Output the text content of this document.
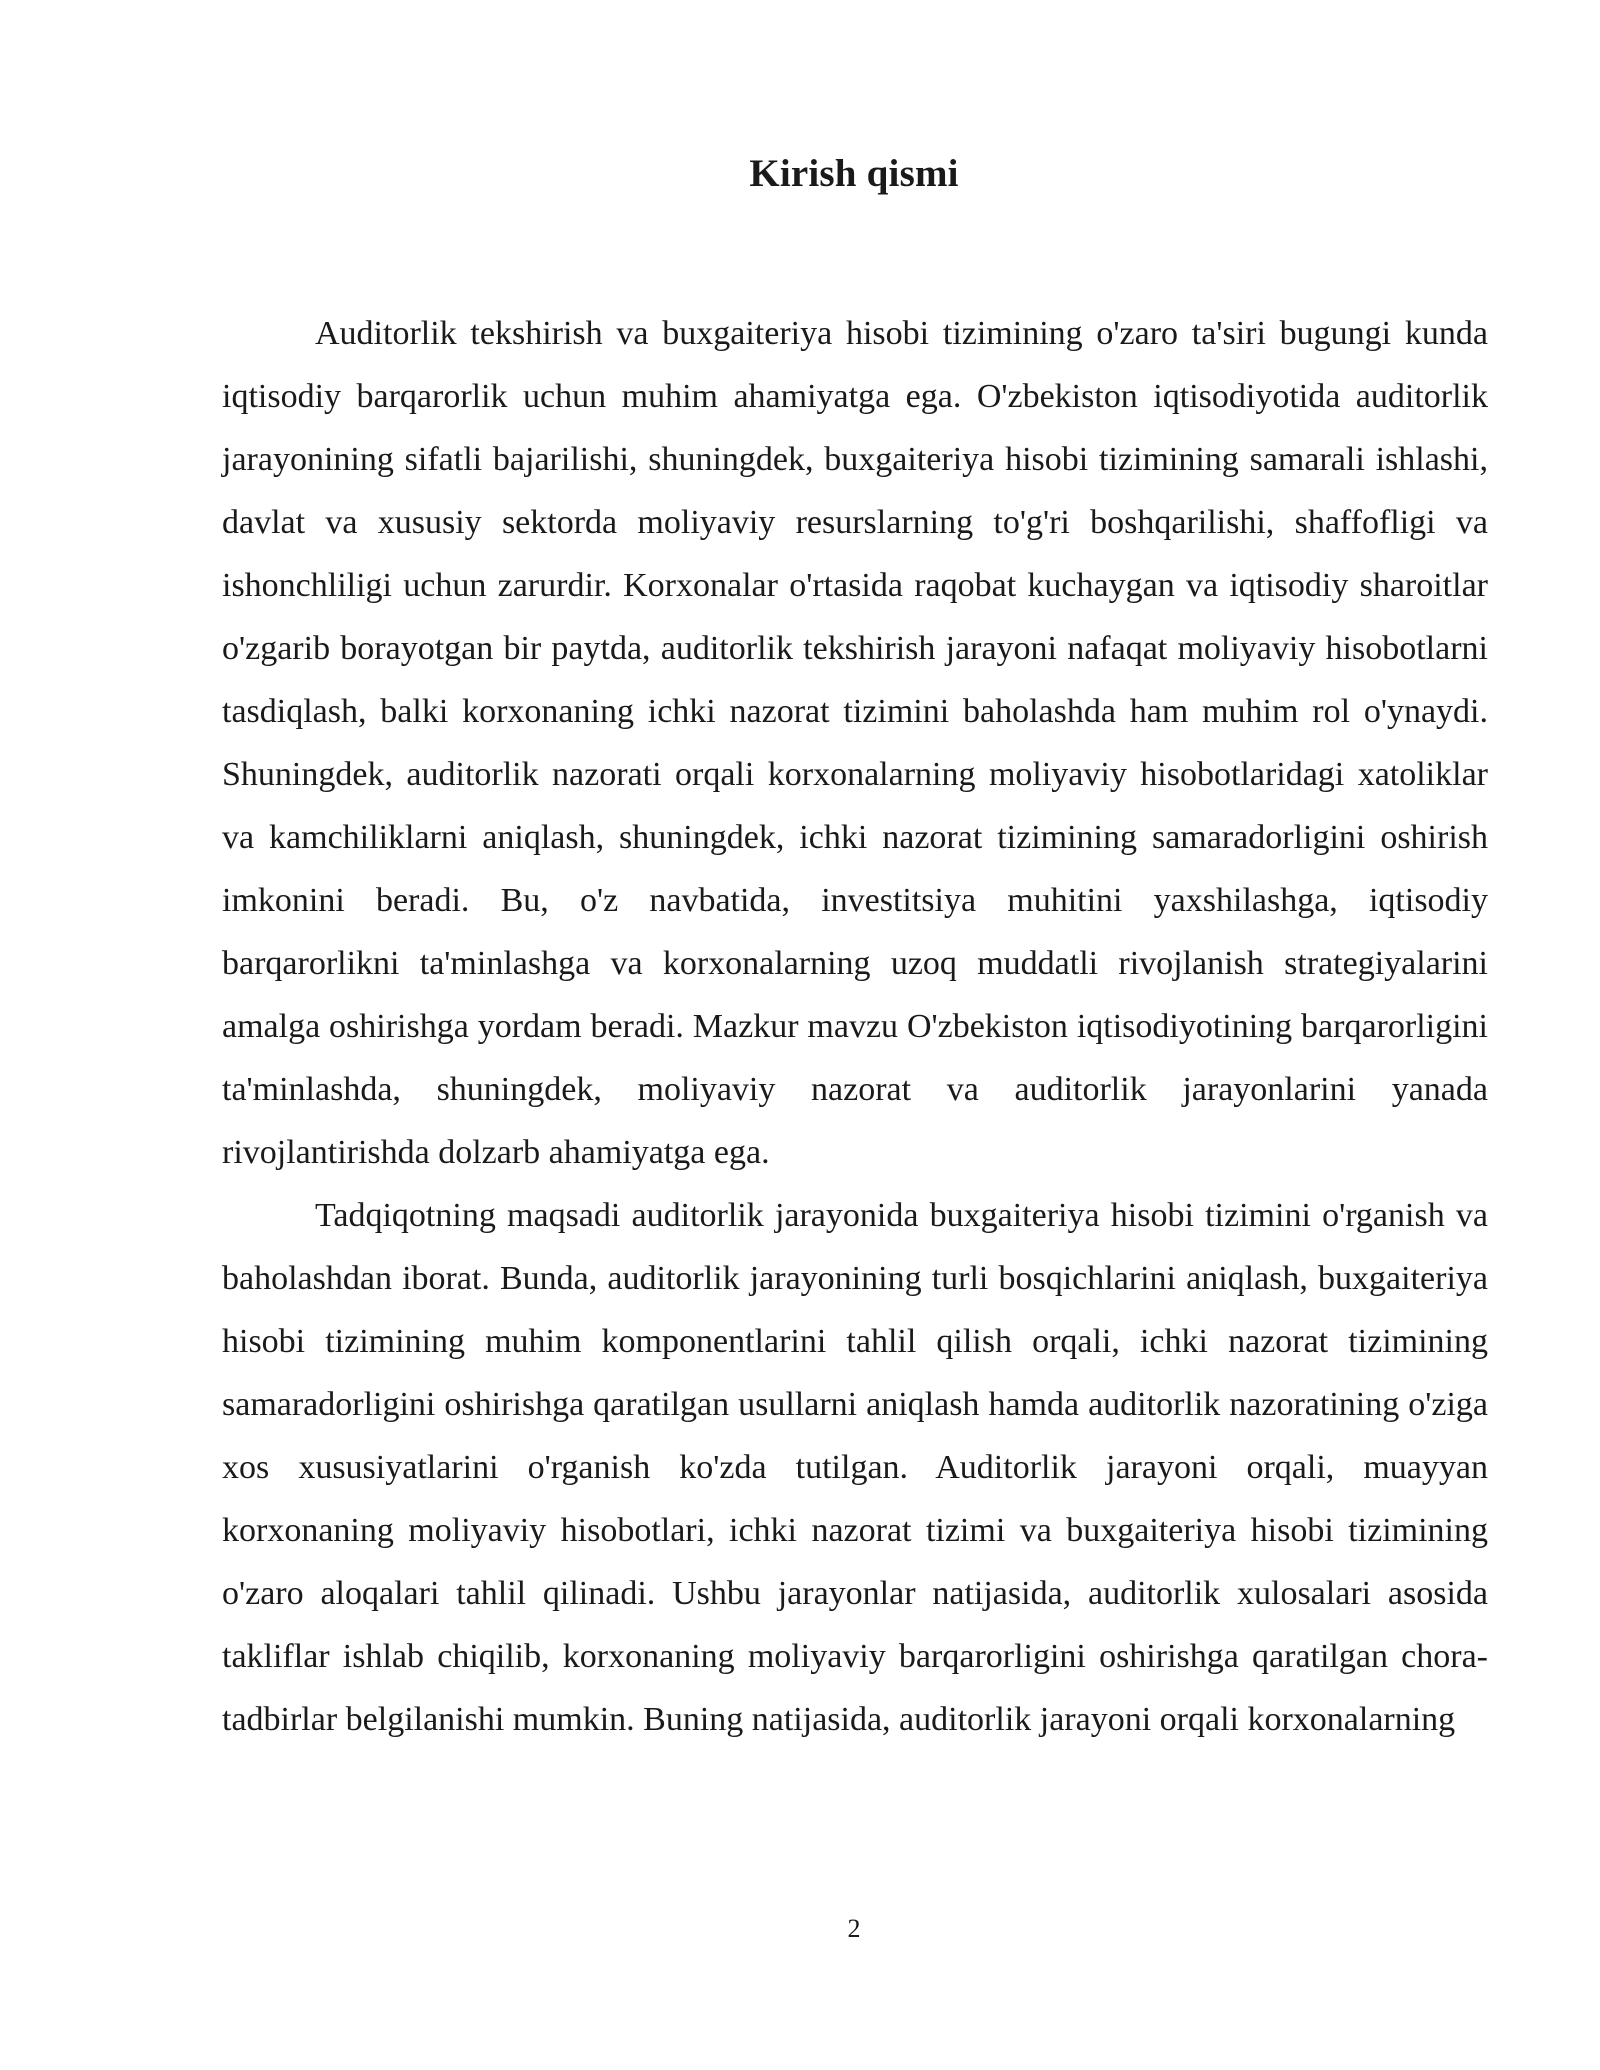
Kirish qismi

Auditorlik tekshirish va buxgaiteriya hisobi tizimining o'zaro ta'siri bugungi kunda iqtisodiy barqarorlik uchun muhim ahamiyatga ega. O'zbekiston iqtisodiyotida auditorlik jarayonining sifatli bajarilishi, shuningdek, buxgaiteriya hisobi tizimining samarali ishlashi, davlat va xususiy sektorda moliyaviy resurslarning to'g'ri boshqarilishi, shaffofligi va ishonchliligi uchun zarurdir. Korxonalar o'rtasida raqobat kuchaygan va iqtisodiy sharoitlar o'zgarib borayotgan bir paytda, auditorlik tekshirish jarayoni nafaqat moliyaviy hisobotlarni tasdiqlash, balki korxonaning ichki nazorat tizimini baholashda ham muhim rol o'ynaydi. Shuningdek, auditorlik nazorati orqali korxonalarning moliyaviy hisobotlaridagi xatoliklar va kamchiliklarni aniqlash, shuningdek, ichki nazorat tizimining samaradorligini oshirish imkonini beradi. Bu, o'z navbatida, investitsiya muhitini yaxshilashga, iqtisodiy barqarorlikni ta'minlashga va korxonalarning uzoq muddatli rivojlanish strategiyalarini amalga oshirishga yordam beradi. Mazkur mavzu O'zbekiston iqtisodiyotining barqarorligini ta'minlashda, shuningdek, moliyaviy nazorat va auditorlik jarayonlarini yanada rivojlantirishda dolzarb ahamiyatga ega.

Tadqiqotning maqsadi auditorlik jarayonida buxgaiteriya hisobi tizimini o'rganish va baholashdan iborat. Bunda, auditorlik jarayonining turli bosqichlarini aniqlash, buxgaiteriya hisobi tizimining muhim komponentlarini tahlil qilish orqali, ichki nazorat tizimining samaradorligini oshirishga qaratilgan usullarni aniqlash hamda auditorlik nazoratining o'ziga xos xususiyatlarini o'rganish ko'zda tutilgan. Auditorlik jarayoni orqali, muayyan korxonaning moliyaviy hisobotlari, ichki nazorat tizimi va buxgaiteriya hisobi tizimining o'zaro aloqalari tahlil qilinadi. Ushbu jarayonlar natijasida, auditorlik xulosalari asosida takliflar ishlab chiqilib, korxonaning moliyaviy barqarorligini oshirishga qaratilgan chora-tadbirlar belgilanishi mumkin. Buning natijasida, auditorlik jarayoni orqali korxonalarning

2
